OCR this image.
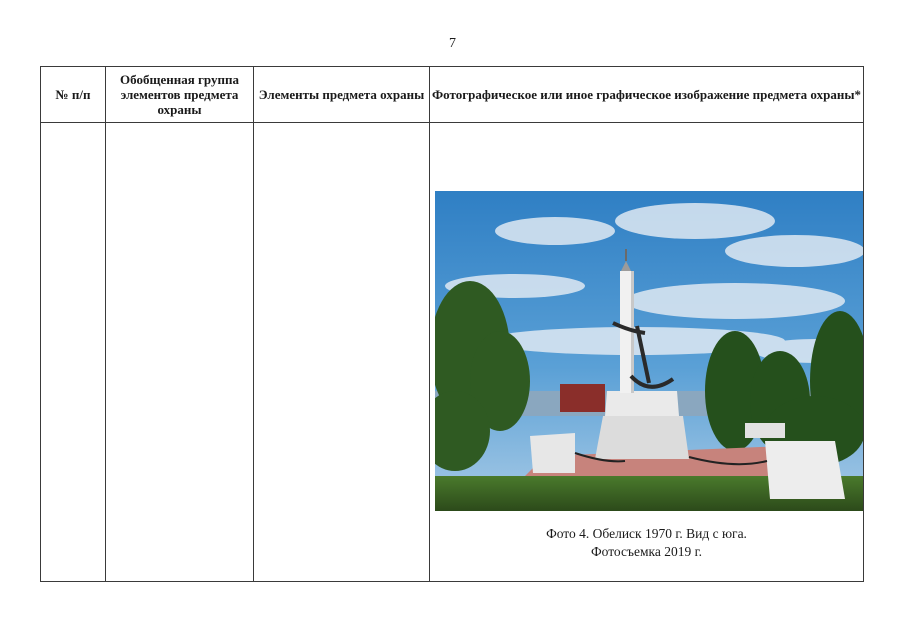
7
№ п/п	Обобщенная группа элементов предмета охраны	Элементы предмета охраны	Фотографическое или иное графическое изображение предмета охраны*

			Фото 4. Обелиск 1970 г. Вид с юга.
Фотосъемка 2019 г.
